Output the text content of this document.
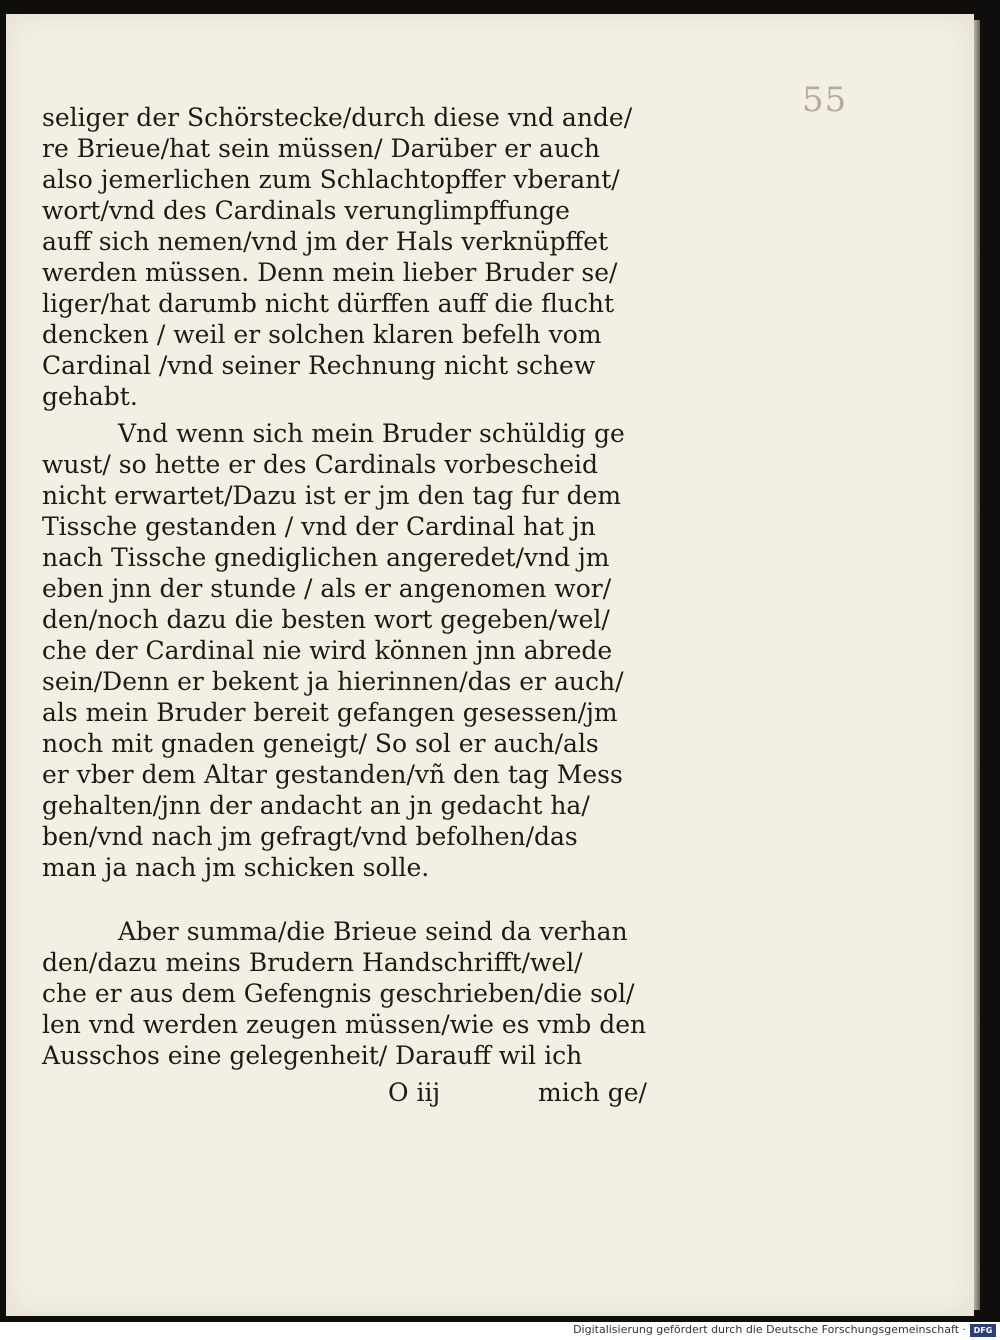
55
seliger der Schörstecke/durch diese vnd ande/
re Brieue/hat sein müssen/ Darüber er auch
also jemerlichen zum Schlachtopffer vberant/
wort/vnd des Cardinals verunglimpffunge
auff sich nemen/vnd jm der Hals verknüpffet
werden müssen. Denn mein lieber Bruder se/
liger/hat darumb nicht dürffen auff die flucht
dencken / weil er solchen klaren befelh vom
Cardinal /vnd seiner Rechnung nicht schew
gehabt.
Vnd wenn sich mein Bruder schüldig ge
wust/ so hette er des Cardinals vorbescheid
nicht erwartet/Dazu ist er jm den tag fur dem
Tissche gestanden / vnd der Cardinal hat jn
nach Tissche gnediglichen angeredet/vnd jm
eben jnn der stunde / als er angenomen wor/
den/noch dazu die besten wort gegeben/wel/
che der Cardinal nie wird können jnn abrede
sein/Denn er bekent ja hierinnen/das er auch/
als mein Bruder bereit gefangen gesessen/jm
noch mit gnaden geneigt/ So sol er auch/als
er vber dem Altar gestanden/vñ den tag Mess
gehalten/jnn der andacht an jn gedacht ha/
ben/vnd nach jm gefragt/vnd befolhen/das
man ja nach jm schicken solle.
Aber summa/die Brieue seind da verhan
den/dazu meins Brudern Handschrifft/wel/
che er aus dem Gefengnis geschrieben/die sol/
len vnd werden zeugen müssen/wie es vmb den
Ausschos eine gelegenheit/ Darauff wil ich
O iij	mich ge/
Digitalisierung gefördert durch die Deutsche Forschungsgemeinschaft · DFG
